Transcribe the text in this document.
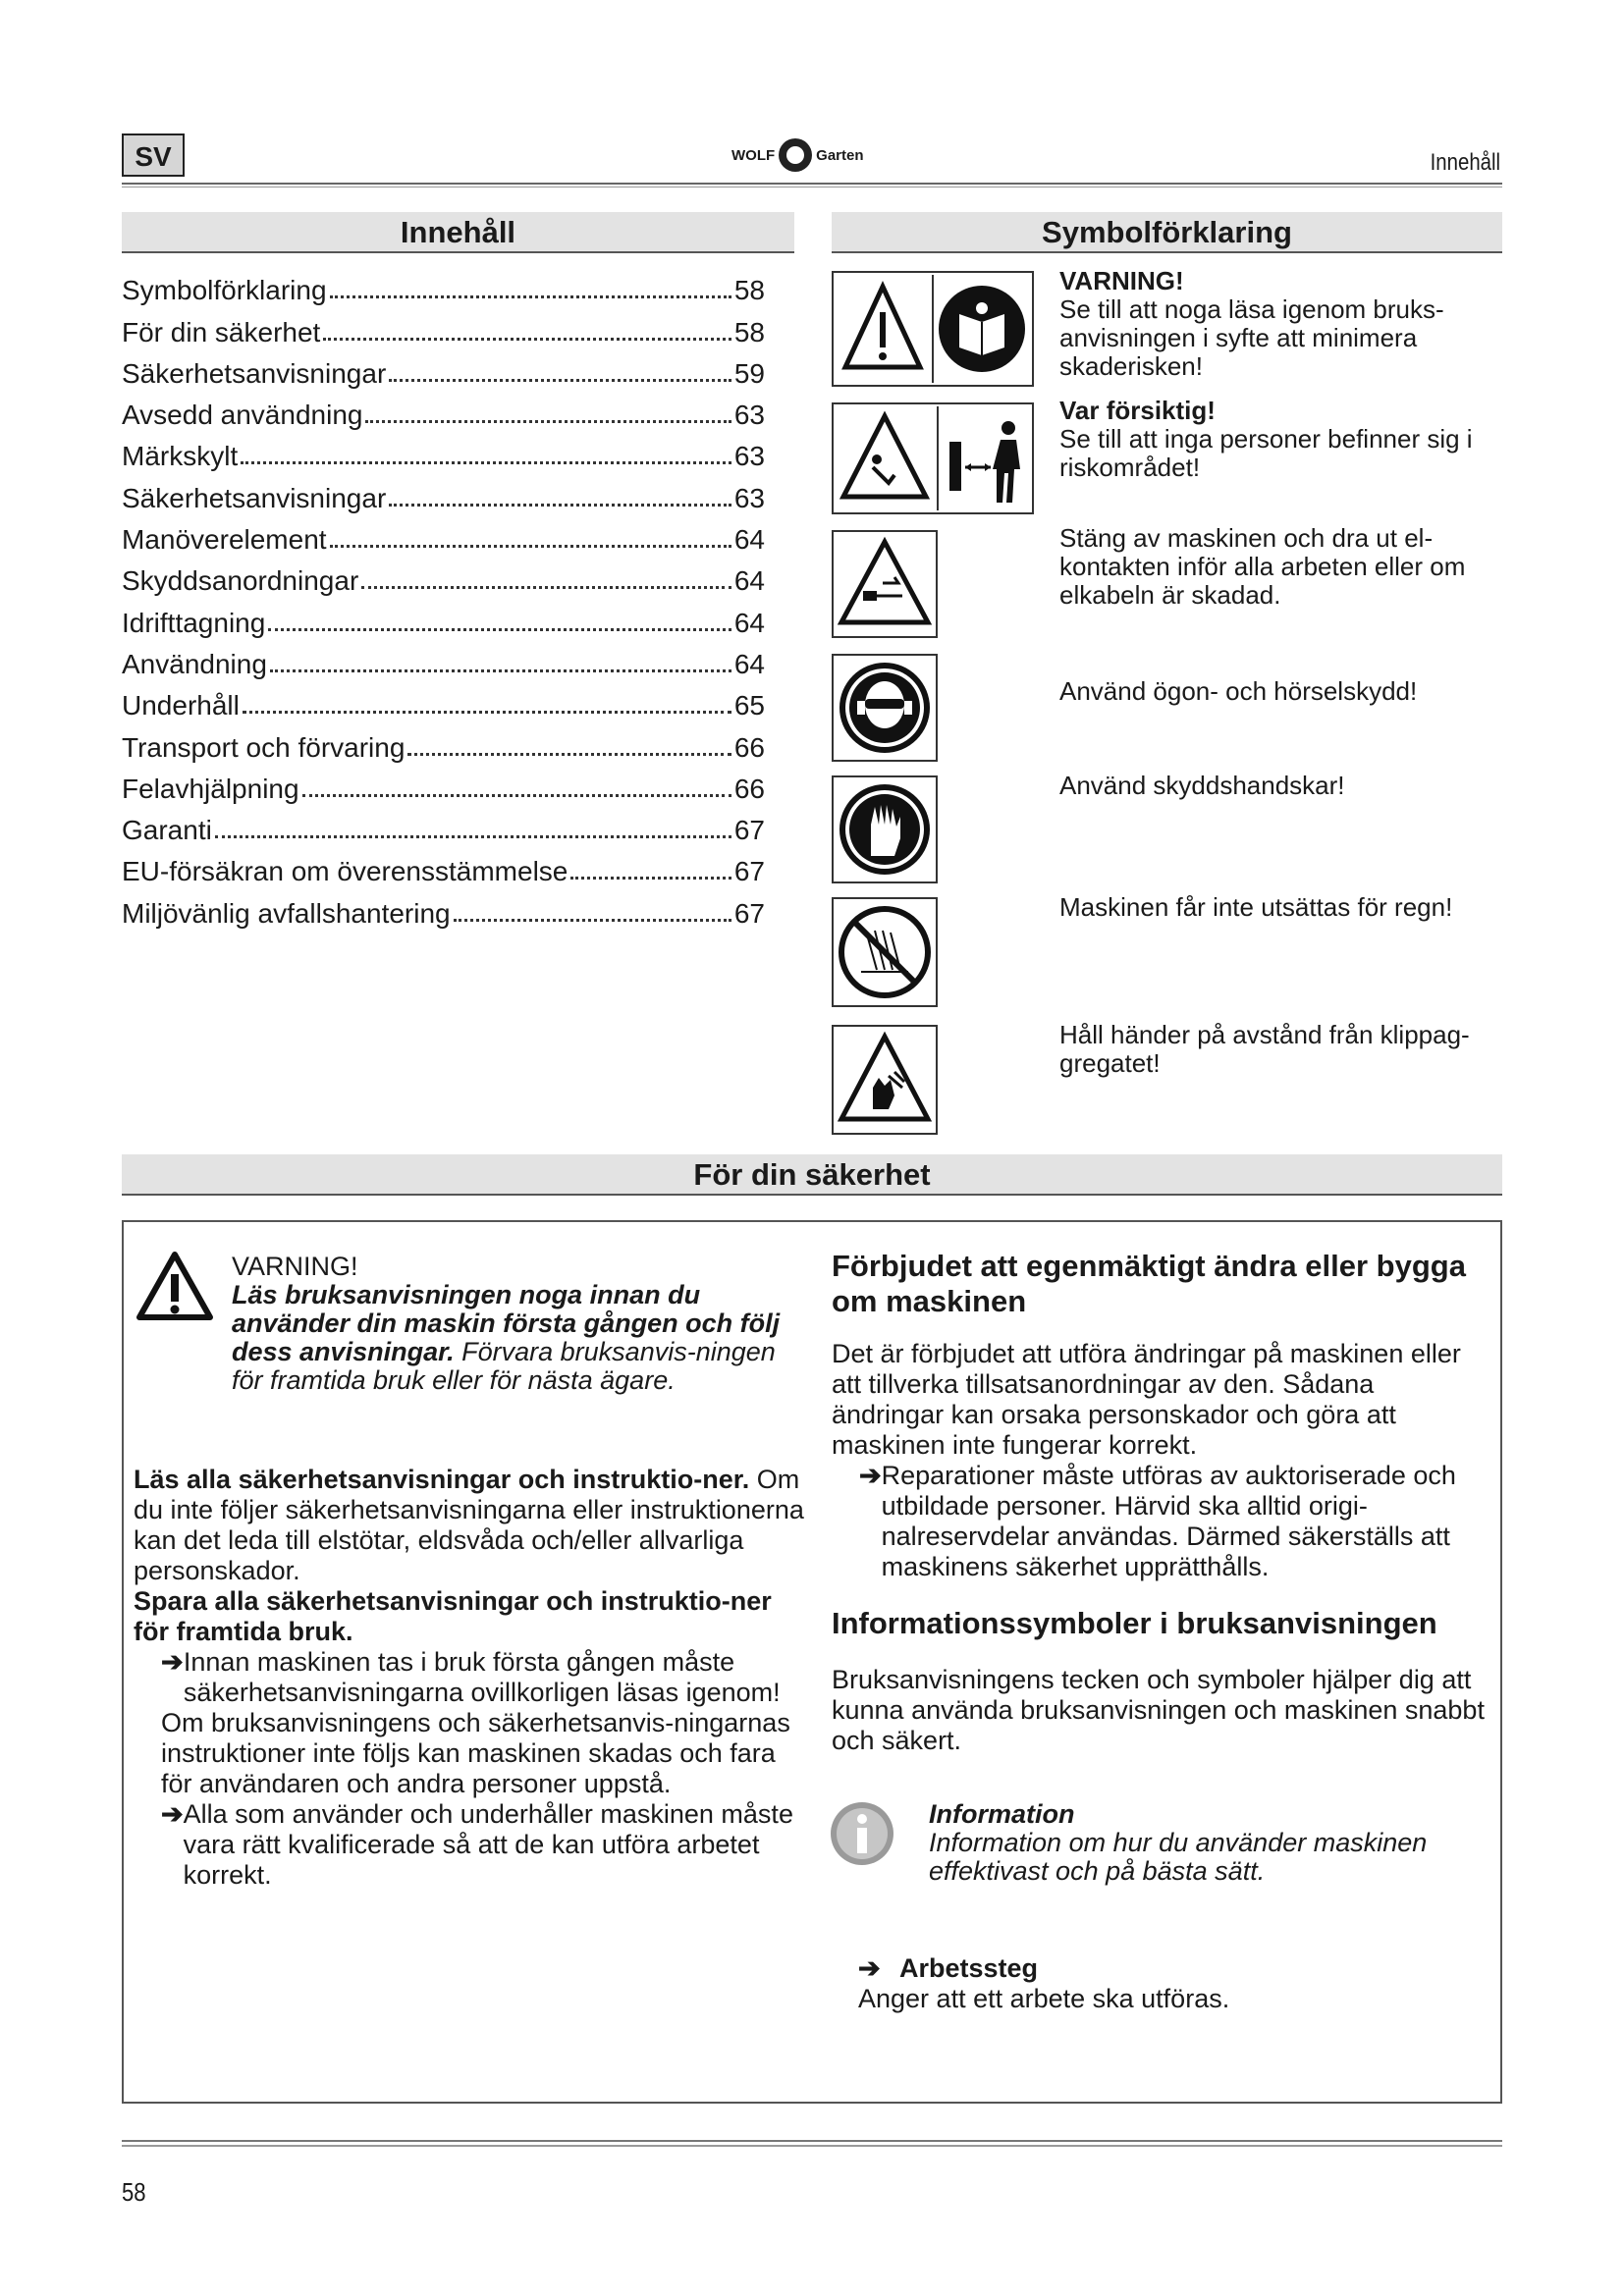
SV	WOLF	Garten	Innehåll
Innehåll
Symbolförklaring	58
För din säkerhet	58
Säkerhetsanvisningar	59
Avsedd användning	63
Märkskylt	63
Säkerhetsanvisningar	63
Manöverelement	64
Skyddsanordningar	64
Idrifttagning	64
Användning	64
Underhåll	65
Transport och förvaring	66
Felavhjälpning	66
Garanti	67
EU-försäkran om överensstämmelse	67
Miljövänlig avfallshantering	67
Symbolförklaring
VARNING!
Se till att noga läsa igenom bruks-anvisningen i syfte att minimera skaderisken!
Var försiktig!
Se till att inga personer befinner sig i riskområdet!
Stäng av maskinen och dra ut el-kontakten inför alla arbeten eller om elkabeln är skadad.
Använd ögon- och hörselskydd!
Använd skyddshandskar!
Maskinen får inte utsättas för regn!
Håll händer på avstånd från klippag-gregatet!
För din säkerhet
VARNING!
Läs bruksanvisningen noga innan du använder din maskin första gången och följ dess anvisningar. Förvara bruksanvis-ningen för framtida bruk eller för nästa ägare.
Läs alla säkerhetsanvisningar och instruktio-ner. Om du inte följer säkerhetsanvisningarna eller instruktionerna kan det leda till elstötar, eldsvåda och/eller allvarliga personskador.
Spara alla säkerhetsanvisningar och instruktio-ner för framtida bruk.
➔ Innan maskinen tas i bruk första gången måste säkerhetsanvisningarna ovillkorligen läsas igenom!
Om bruksanvisningens och säkerhetsanvis-ningarnas instruktioner inte följs kan maskinen skadas och fara för användaren och andra personer uppstå.
➔ Alla som använder och underhåller maskinen måste vara rätt kvalificerade så att de kan utföra arbetet korrekt.
Förbjudet att egenmäktigt ändra eller bygga om maskinen
Det är förbjudet att utföra ändringar på maskinen eller att tillverka tillsatsanordningar av den. Sådana ändringar kan orsaka personskador och göra att maskinen inte fungerar korrekt.
➔ Reparationer måste utföras av auktoriserade och utbildade personer. Härvid ska alltid origi-nalreservdelar användas. Därmed säkerställs att maskinens säkerhet upprätthålls.
Informationssymboler i bruksanvisningen
Bruksanvisningens tecken och symboler hjälper dig att kunna använda bruksanvisningen och maskinen snabbt och säkert.
Information
Information om hur du använder maskinen effektivast och på bästa sätt.
➔ Arbetssteg
Anger att ett arbete ska utföras.
58
